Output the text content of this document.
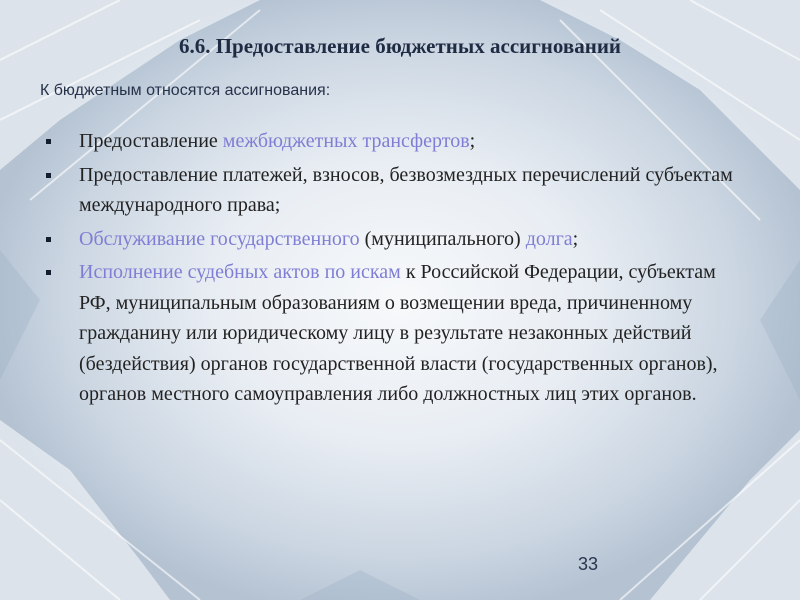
6.6. Предоставление бюджетных ассигнований
К бюджетным относятся ассигнования:
Предоставление межбюджетных трансфертов;
Предоставление платежей, взносов, безвозмездных перечислений субъектам международного права;
Обслуживание государственного (муниципального) долга;
Исполнение судебных актов по искам к Российской Федерации, субъектам РФ, муниципальным образованиям о возмещении вреда, причиненному гражданину или юридическому лицу в результате незаконных действий (бездействия) органов государственной власти (государственных органов), органов местного самоуправления либо должностных лиц этих органов.
33
